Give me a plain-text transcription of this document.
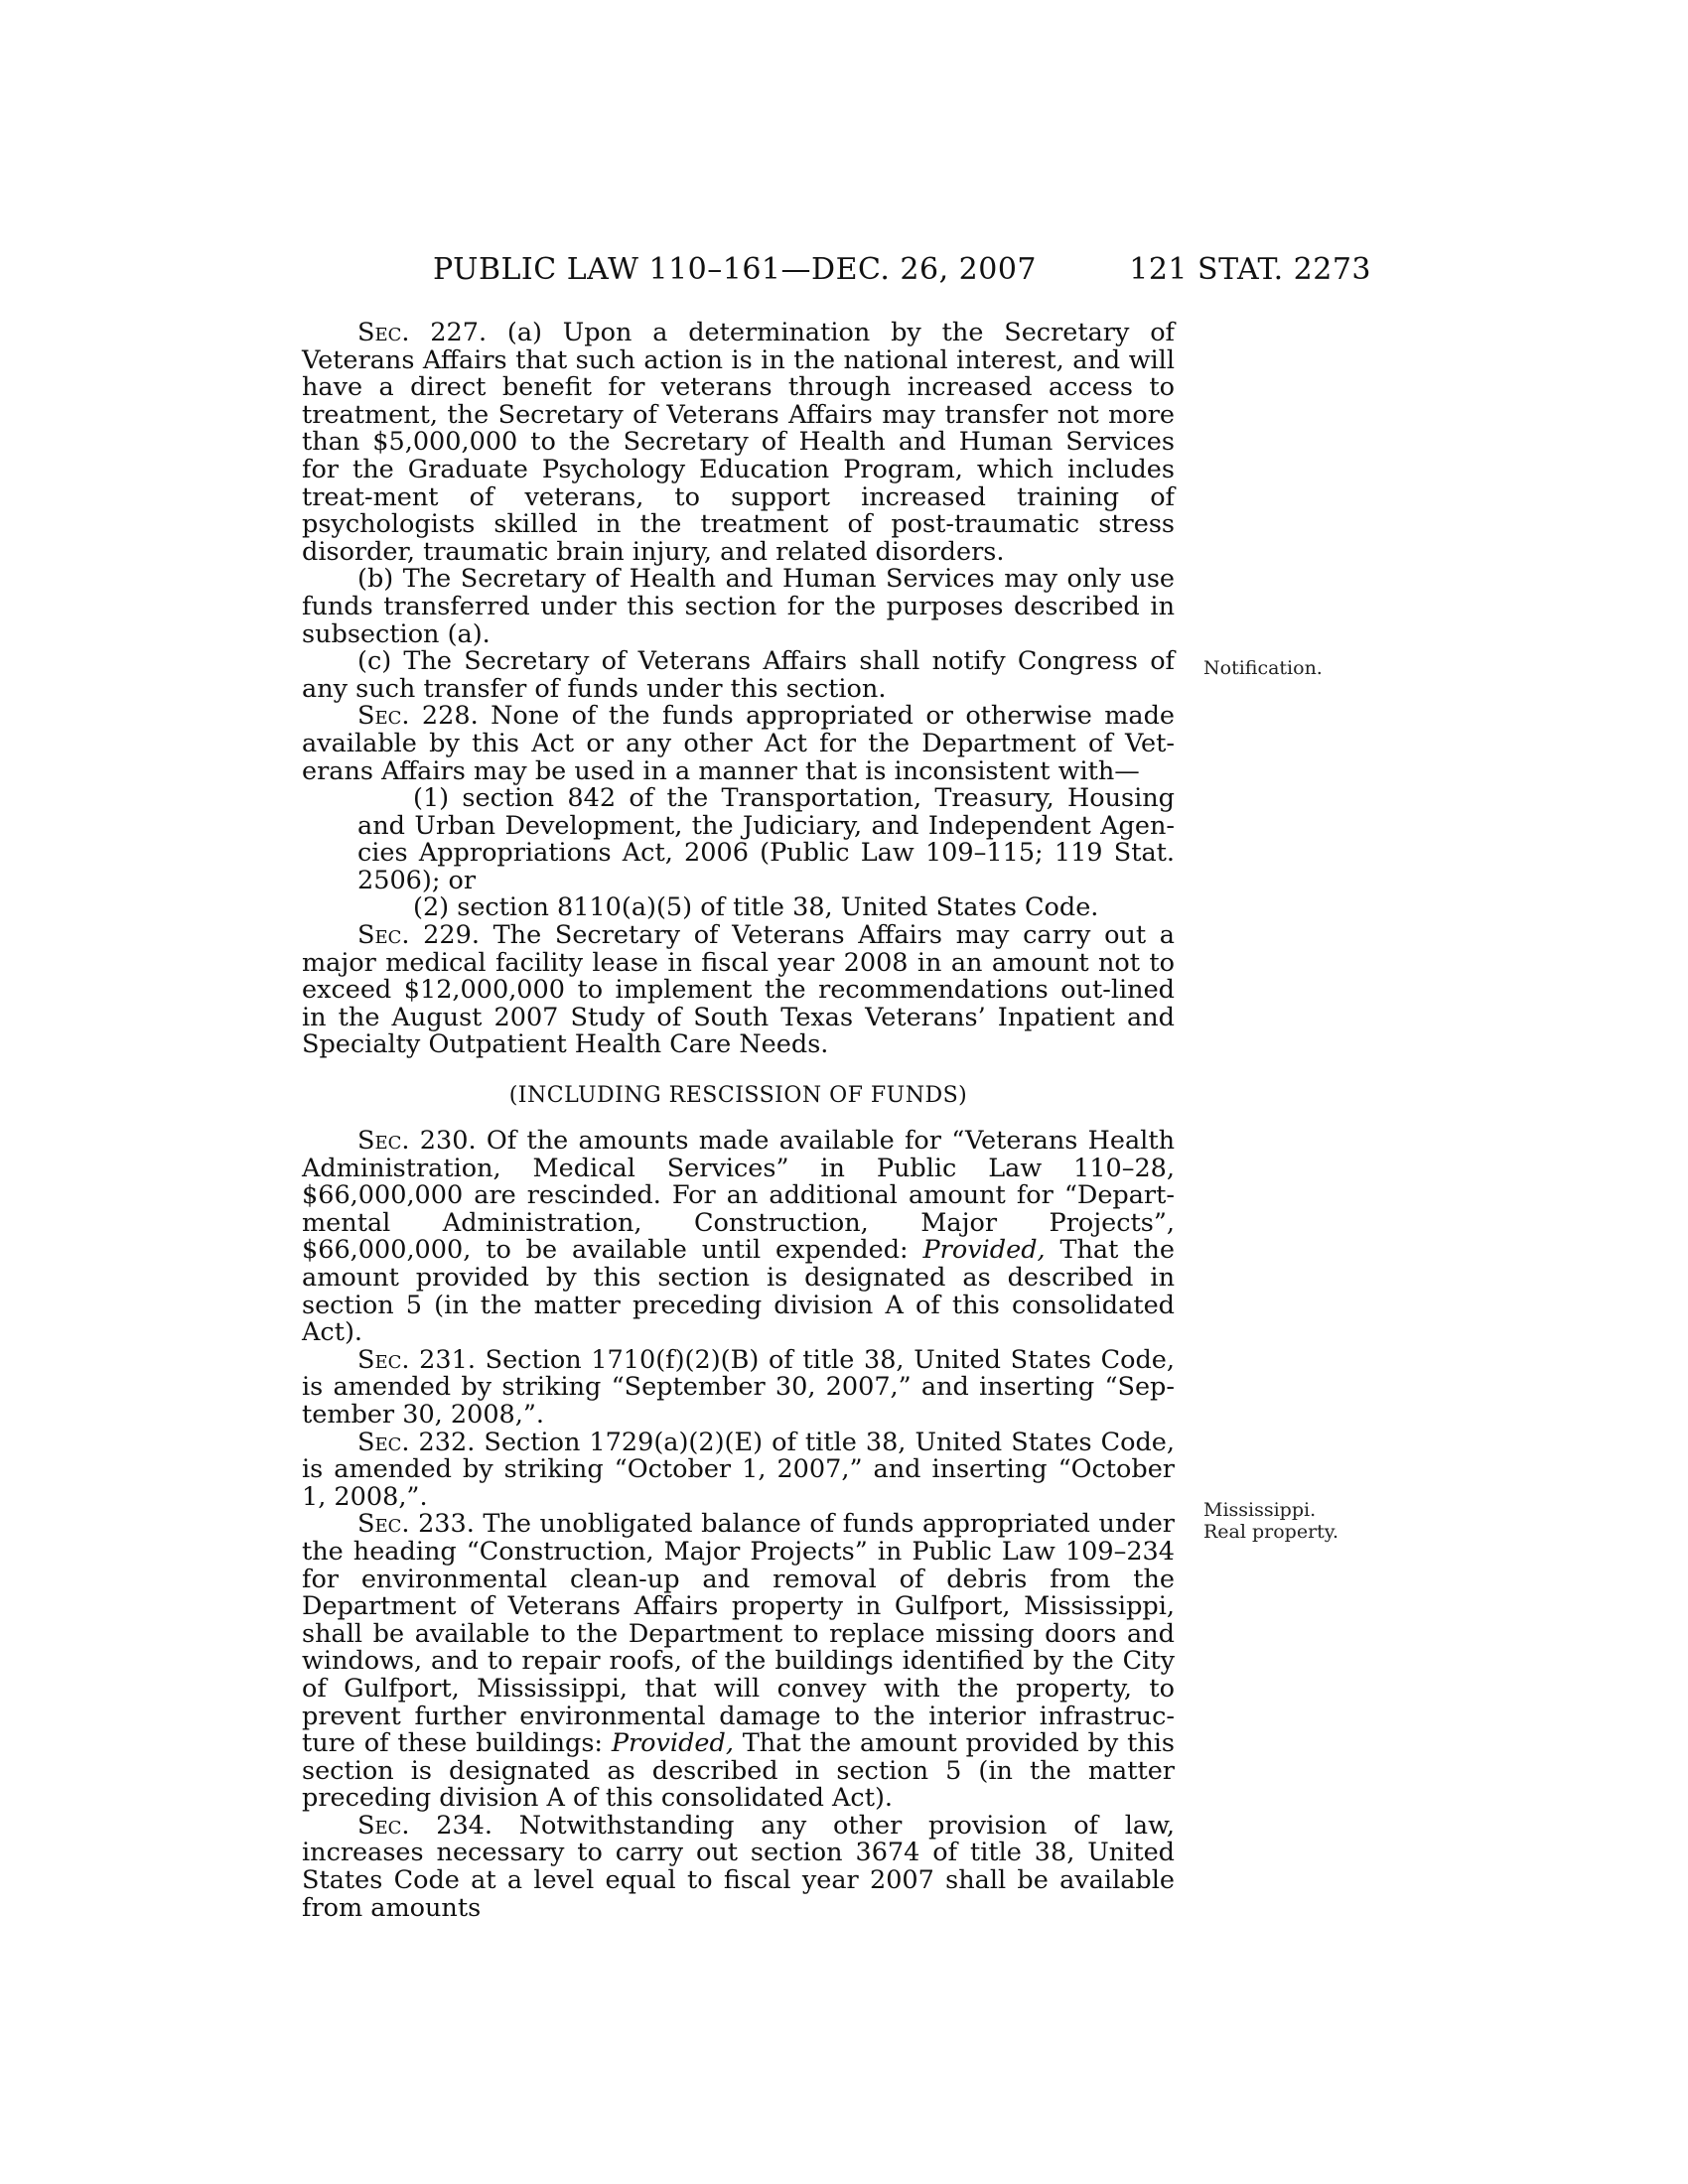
PUBLIC LAW 110–161—DEC. 26, 2007	121 STAT. 2273
Notification.
Mississippi.
Real property.

Sec. 227. (a) Upon a determination by the Secretary of Veterans Affairs that such action is in the national interest, and will have a direct benefit for veterans through increased access to treatment, the Secretary of Veterans Affairs may transfer not more than $5,000,000 to the Secretary of Health and Human Services for the Graduate Psychology Education Program, which includes treat-ment of veterans, to support increased training of psychologists skilled in the treatment of post-traumatic stress disorder, traumatic brain injury, and related disorders.

(b) The Secretary of Health and Human Services may only use funds transferred under this section for the purposes described in subsection (a).

(c) The Secretary of Veterans Affairs shall notify Congress of any such transfer of funds under this section.

Sec. 228. None of the funds appropriated or otherwise made available by this Act or any other Act for the Department of Vet-erans Affairs may be used in a manner that is inconsistent with—

(1) section 842 of the Transportation, Treasury, Housing and Urban Development, the Judiciary, and Independent Agen-cies Appropriations Act, 2006 (Public Law 109–115; 119 Stat. 2506); or

(2) section 8110(a)(5) of title 38, United States Code.

Sec. 229. The Secretary of Veterans Affairs may carry out a major medical facility lease in fiscal year 2008 in an amount not to exceed $12,000,000 to implement the recommendations out-lined in the August 2007 Study of South Texas Veterans’ Inpatient and Specialty Outpatient Health Care Needs.

(INCLUDING RESCISSION OF FUNDS)

Sec. 230. Of the amounts made available for “Veterans Health Administration, Medical Services” in Public Law 110–28, $66,000,000 are rescinded. For an additional amount for “Depart-mental Administration, Construction, Major Projects”, $66,000,000, to be available until expended: Provided, That the amount provided by this section is designated as described in section 5 (in the matter preceding division A of this consolidated Act).

Sec. 231. Section 1710(f)(2)(B) of title 38, United States Code, is amended by striking “September 30, 2007,” and inserting “Sep-tember 30, 2008,”.

Sec. 232. Section 1729(a)(2)(E) of title 38, United States Code, is amended by striking “October 1, 2007,” and inserting “October 1, 2008,”.

Sec. 233. The unobligated balance of funds appropriated under the heading “Construction, Major Projects” in Public Law 109–234 for environmental clean-up and removal of debris from the Department of Veterans Affairs property in Gulfport, Mississippi, shall be available to the Department to replace missing doors and windows, and to repair roofs, of the buildings identified by the City of Gulfport, Mississippi, that will convey with the property, to prevent further environmental damage to the interior infrastruc-ture of these buildings: Provided, That the amount provided by this section is designated as described in section 5 (in the matter preceding division A of this consolidated Act).

Sec. 234. Notwithstanding any other provision of law, increases necessary to carry out section 3674 of title 38, United States Code at a level equal to fiscal year 2007 shall be available from amounts
